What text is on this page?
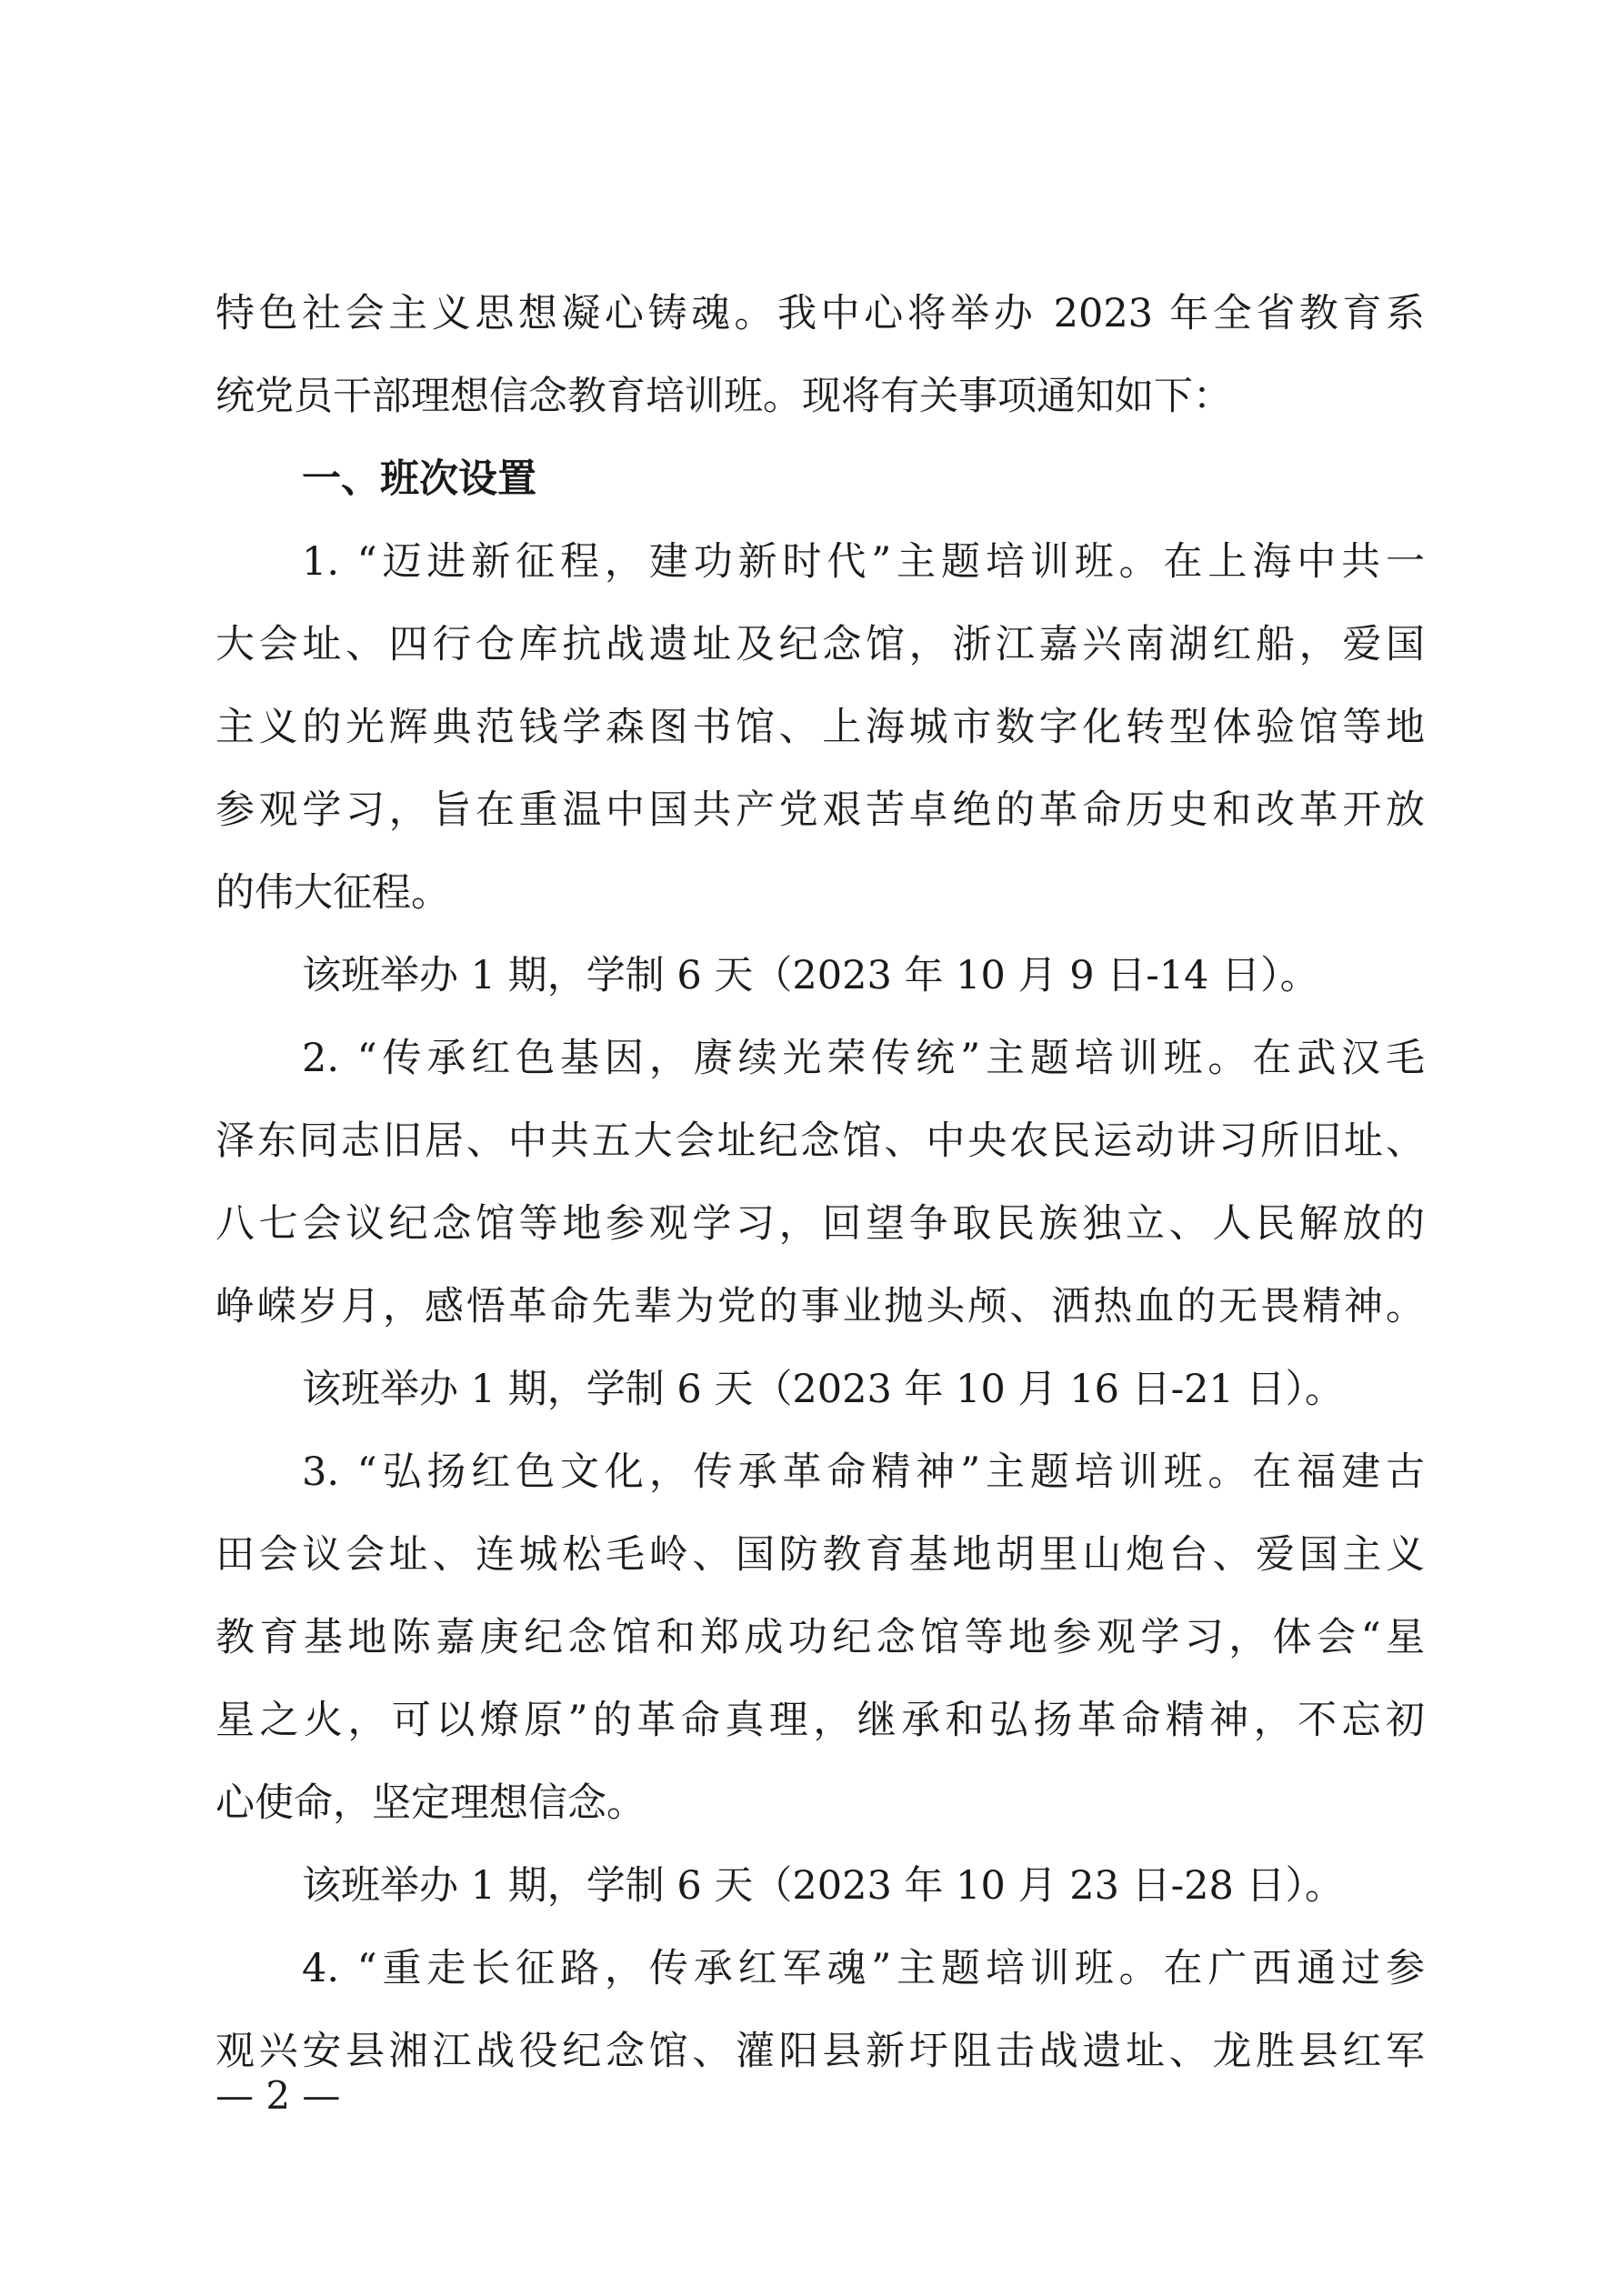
特色社会主义思想凝心铸魂。我中心将举办 2023 年全省教育系
统党员干部理想信念教育培训班。现将有关事项通知如下：
一、班次设置
1. “迈进新征程，建功新时代”主题培训班。在上海中共一
大会址、四行仓库抗战遗址及纪念馆，浙江嘉兴南湖红船，爱国
主义的光辉典范钱学森图书馆、上海城市数字化转型体验馆等地
参观学习，旨在重温中国共产党艰苦卓绝的革命历史和改革开放
的伟大征程。
该班举办 1 期，学制 6 天（2023 年 10 月 9 日-14 日）。
2. “传承红色基因，赓续光荣传统”主题培训班。在武汉毛
泽东同志旧居、中共五大会址纪念馆、中央农民运动讲习所旧址、
八七会议纪念馆等地参观学习，回望争取民族独立、人民解放的
峥嵘岁月，感悟革命先辈为党的事业抛头颅、洒热血的无畏精神。
该班举办 1 期，学制 6 天（2023 年 10 月 16 日-21 日）。
3. “弘扬红色文化，传承革命精神”主题培训班。在福建古
田会议会址、连城松毛岭、国防教育基地胡里山炮台、爱国主义
教育基地陈嘉庚纪念馆和郑成功纪念馆等地参观学习，体会“星
星之火，可以燎原”的革命真理，继承和弘扬革命精神，不忘初
心使命，坚定理想信念。
该班举办 1 期，学制 6 天（2023 年 10 月 23 日-28 日）。
4. “重走长征路，传承红军魂”主题培训班。在广西通过参
观兴安县湘江战役纪念馆、灌阳县新圩阻击战遗址、龙胜县红军
— 2 —
